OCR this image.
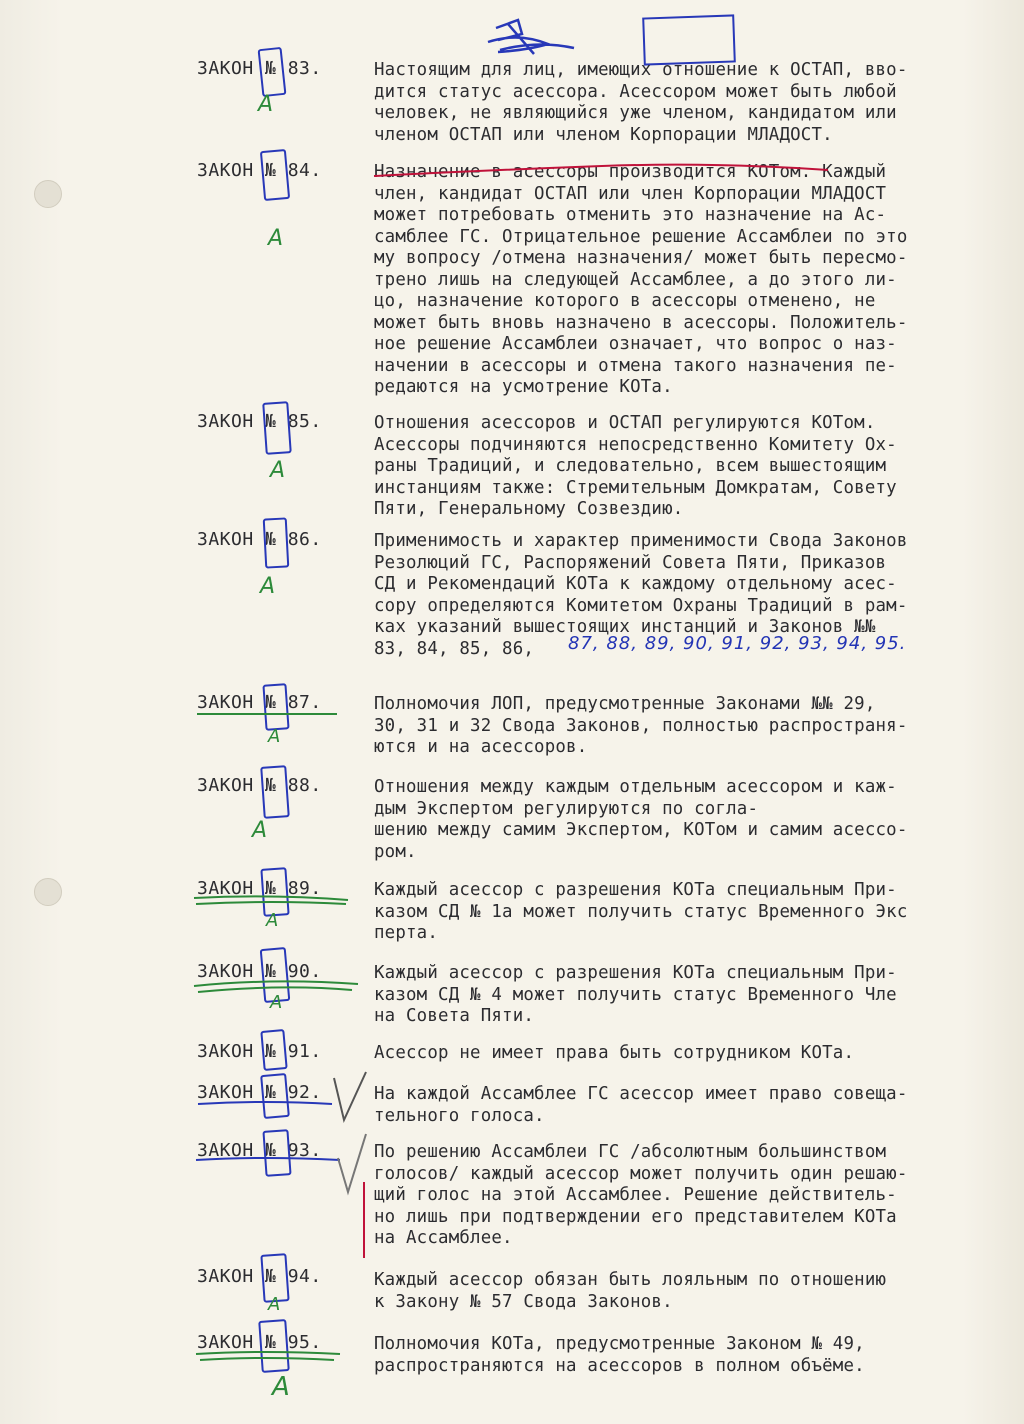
ЗАКОН № 83.	Настоящим для лиц, имеющих отношение к ОСТАП, вво-
дится статус асессора. Асессором может быть любой
человек, не являющийся уже членом, кандидатом или
членом ОСТАП или членом Корпорации МЛАДОСТ.
А
ЗАКОН № 84.	Назначение в асессоры производится КОТом. Каждый
член, кандидат ОСТАП или член Корпорации МЛАДОСТ
может потребовать отменить это назначение на Ас-
самблее ГС. Отрицательное решение Ассамблеи по это
му вопросу /отмена назначения/ может быть пересмо-
трено лишь на следующей Ассамблее, а до этого ли-
цо, назначение которого в асессоры отменено, не
может быть вновь назначено в асессоры. Положитель-
ное решение Ассамблеи означает, что вопрос о наз-
начении в асессоры и отмена такого назначения пе-
редаются на усмотрение КОТа.
А
ЗАКОН № 85.	Отношения асессоров и ОСТАП регулируются КОТом.
Асессоры подчиняются непосредственно Комитету Ох-
раны Традиций, и следовательно, всем вышестоящим
инстанциям также: Стремительным Домкратам, Совету
Пяти, Генеральному Созвездию.
А
ЗАКОН № 86.	Применимость и характер применимости Свода Законов
Резолюций ГС, Распоряжений Совета Пяти, Приказов
СД и Рекомендаций КОТа к каждому отдельному асес-
сору определяются Комитетом Охраны Традиций в рам-
ках указаний вышестоящих инстанций и Законов №№
83, 84, 85, 86,
А
87, 88, 89, 90, 91, 92, 93, 94, 95.
ЗАКОН № 87.	Полномочия ЛОП, предусмотренные Законами №№ 29,
30, 31 и 32 Свода Законов, полностью распространя-
ются и на асессоров.
А
ЗАКОН № 88.	Отношения между каждым отдельным асессором и каж-
дым Экспертом регулируются по согла-
шению между самим Экспертом, КОТом и самим асессо-
ром.
А
ЗАКОН № 89.	Каждый асессор с разрешения КОТа специальным При-
казом СД № 1а может получить статус Временного Экс
перта.
А
ЗАКОН № 90.	Каждый асессор с разрешения КОТа специальным При-
казом СД № 4 может получить статус Временного Чле
на Совета Пяти.
А
ЗАКОН № 91.	Асессор не имеет права быть сотрудником КОТа.
ЗАКОН № 92.	На каждой Ассамблее ГС асессор имеет право совеща-
тельного голоса.
ЗАКОН № 93.	По решению Ассамблеи ГС /абсолютным большинством
голосов/ каждый асессор может получить один решаю-
щий голос на этой Ассамблее. Решение действитель-
но лишь при подтверждении его представителем КОТа
на Ассамблее.
ЗАКОН № 94.	Каждый асессор обязан быть лояльным по отношению
к Закону № 57 Свода Законов.
А
ЗАКОН № 95.	Полномочия КОТа, предусмотренные Законом № 49,
распространяются на асессоров в полном объёме.
А
